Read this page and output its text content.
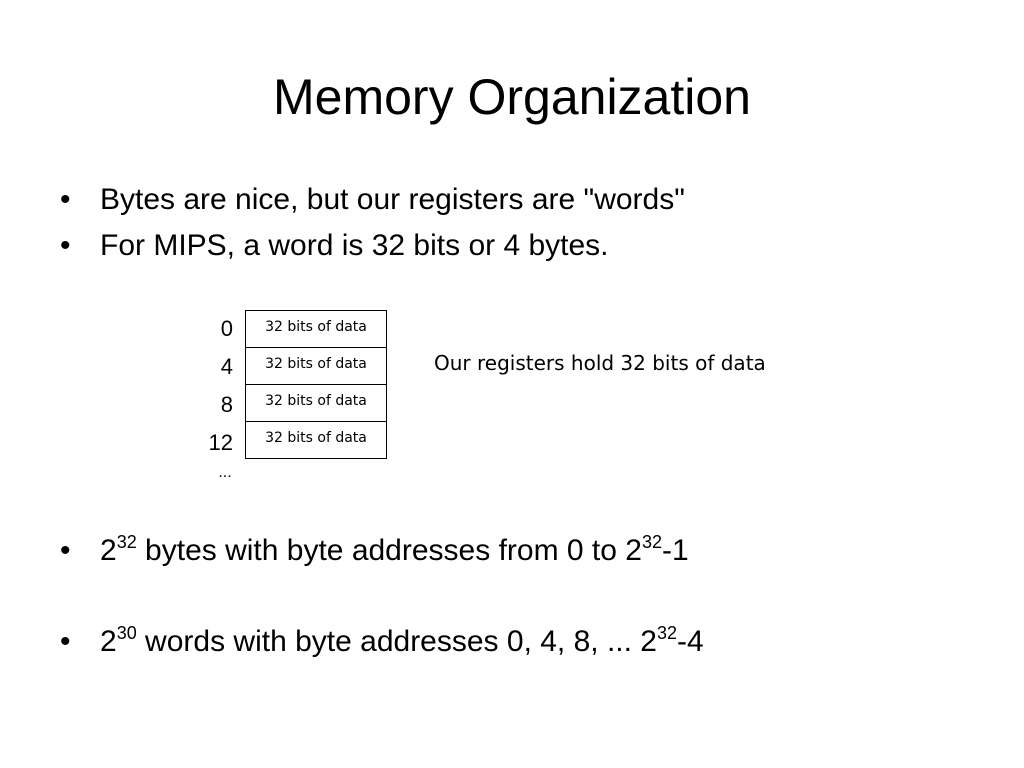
Memory Organization
• Bytes are nice, but our registers are "words"
• For MIPS, a word is 32 bits or 4 bytes.
0
4
8
12
32 bits of data
32 bits of data
32 bits of data
32 bits of data
...
Our registers hold 32 bits of data
• $2^{32}$ bytes with byte addresses from 0 to $2^{32}-1$
• $2^{30}$ words with byte addresses 0, 4, 8, ... $2^{32}-4$
